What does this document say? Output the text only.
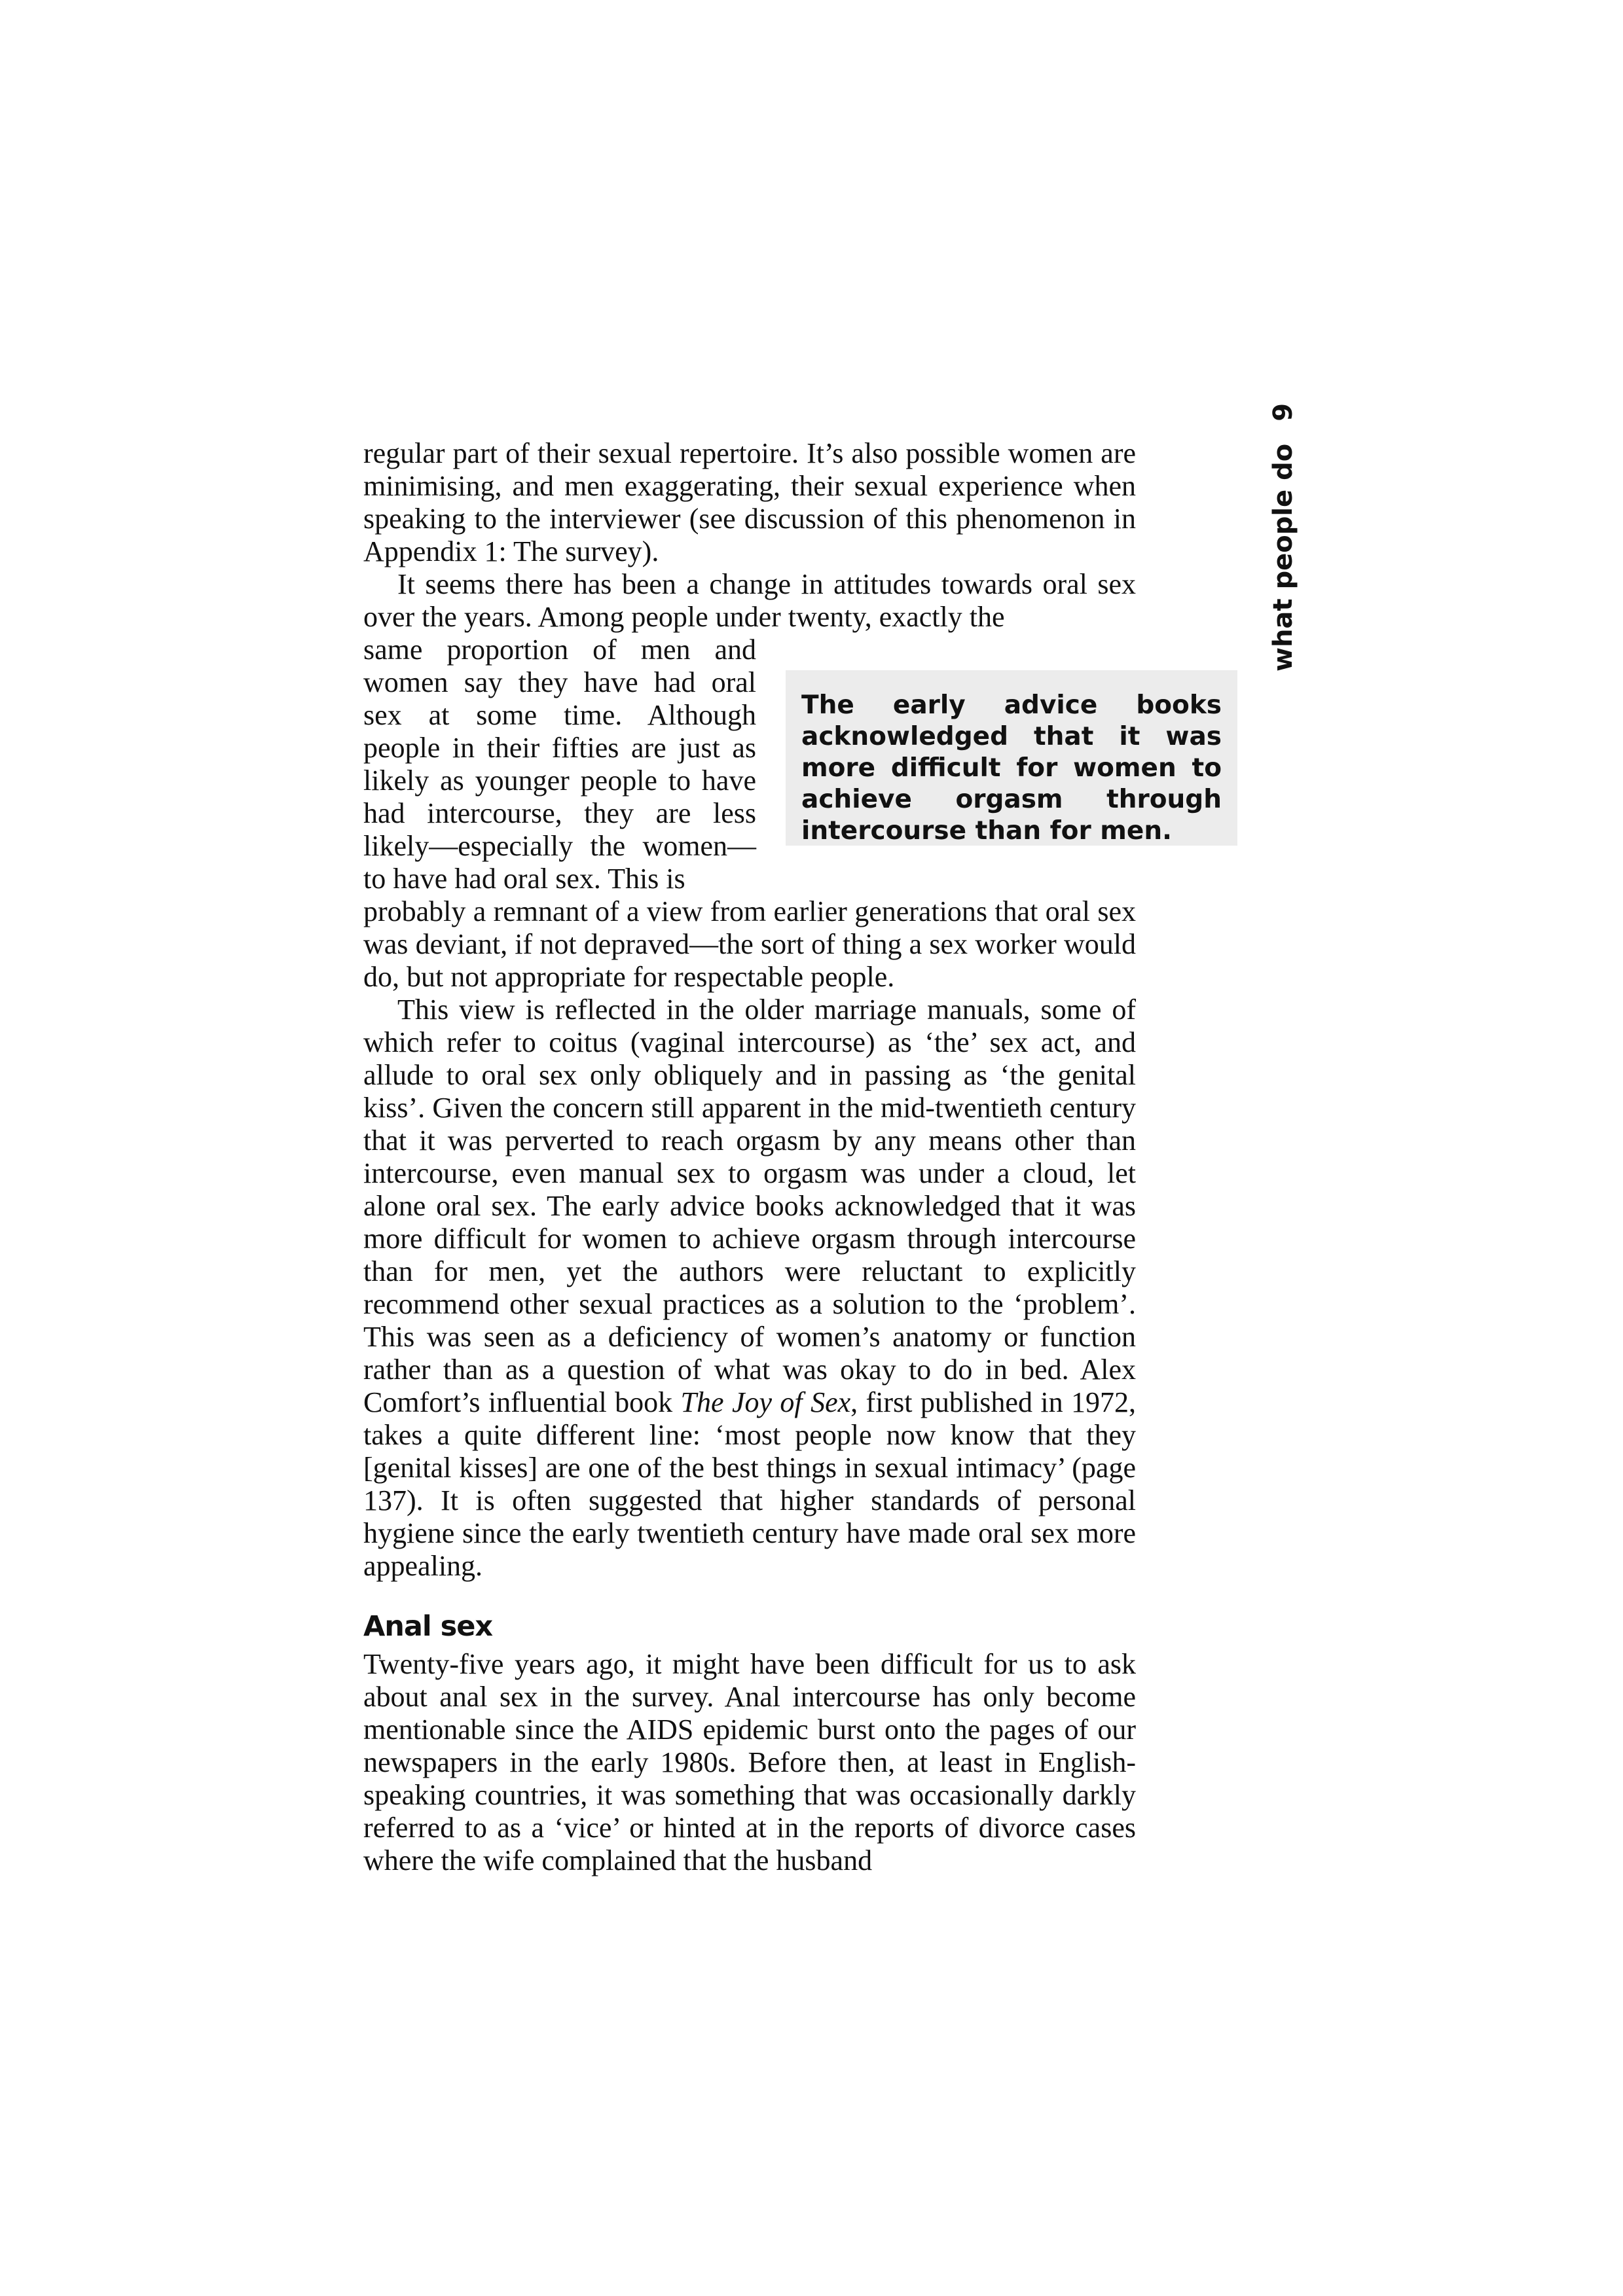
what people do9

regular part of their sexual repertoire. It’s also possible women are minimising, and men exaggerating, their sexual experience when speaking to the interviewer (see discussion of this phenomenon in Appendix 1: The survey).

It seems there has been a change in attitudes towards oral sex over the years. Among people under twenty, exactly the

same proportion of men and women say they have had oral sex at some time. Although people in their fifties are just as likely as younger people to have had intercourse, they are less likely—especially the women— to have had oral sex. This is

The early advice books acknowledged that it was more difficult for women to achieve orgasm through intercourse than for men.

probably a remnant of a view from earlier generations that oral sex was deviant, if not depraved—the sort of thing a sex worker would do, but not appropriate for respectable people.

This view is reflected in the older marriage manuals, some of which refer to coitus (vaginal intercourse) as ‘the’ sex act, and allude to oral sex only obliquely and in passing as ‘the genital kiss’. Given the concern still apparent in the mid-twentieth century that it was perverted to reach orgasm by any means other than intercourse, even manual sex to orgasm was under a cloud, let alone oral sex. The early advice books acknowledged that it was more difficult for women to achieve orgasm through intercourse than for men, yet the authors were reluctant to explicitly recommend other sexual practices as a solution to the ‘problem’. This was seen as a deficiency of women’s anatomy or function rather than as a question of what was okay to do in bed. Alex Comfort’s influential book The Joy of Sex, first published in 1972, takes a quite different line: ‘most people now know that they [genital kisses] are one of the best things in sexual intimacy’ (page 137). It is often suggested that higher standards of personal hygiene since the early twentieth century have made oral sex more appealing.

Anal sex

Twenty-five years ago, it might have been difficult for us to ask about anal sex in the survey. Anal intercourse has only become mentionable since the AIDS epidemic burst onto the pages of our newspapers in the early 1980s. Before then, at least in English-speaking countries, it was something that was occasionally darkly referred to as a ‘vice’ or hinted at in the reports of divorce cases where the wife complained that the husband
